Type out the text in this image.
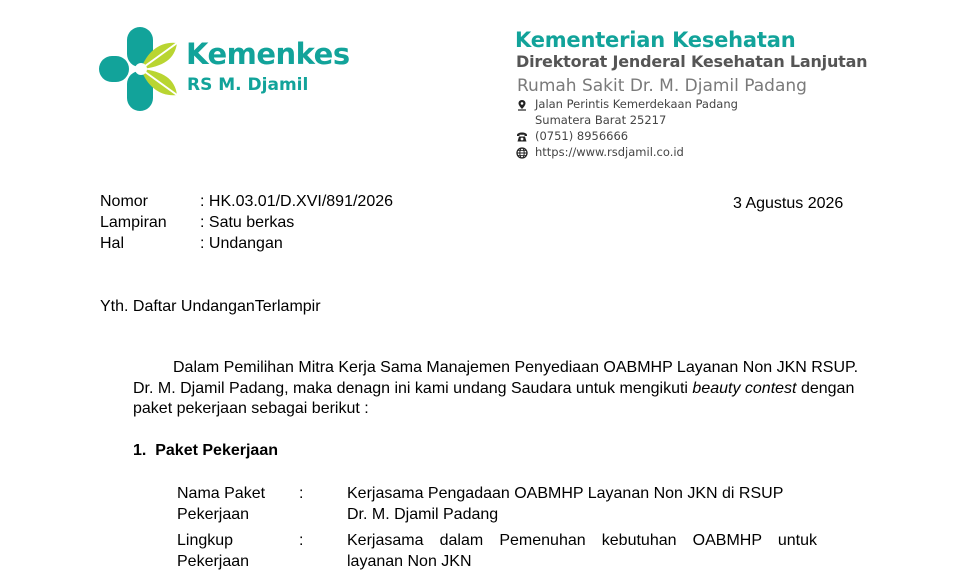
Kemenkes
RS M. Djamil
Kementerian Kesehatan
Direktorat Jenderal Kesehatan Lanjutan
Rumah Sakit Dr. M. Djamil Padang
Jalan Perintis Kemerdekaan Padang
Sumatera Barat 25217
(0751) 8956666
https://www.rsdjamil.co.id
Nomor	: HK.03.01/D.XVI/891/2026
Lampiran : Satu berkas
Hal	: Undangan
3 Agustus 2026
Yth. Daftar UndanganTerlampir

Dalam Pemilihan Mitra Kerja Sama Manajemen Penyediaan OABMHP Layanan Non JKN RSUP.

Dr. M. Djamil Padang, maka denagn ini kami undang Saudara untuk mengikuti beauty contest dengan

paket pekerjaan sebagai berikut :

1. Paket Pekerjaan
Nama Paket
Pekerjaan
:	Kerjasama Pengadaan OABMHP Layanan Non JKN di RSUP
Dr. M. Djamil Padang
Lingkup
Pekerjaan
:	Kerjasama dalam Pemenuhan kebutuhan OABMHP untuk
layanan Non JKN
